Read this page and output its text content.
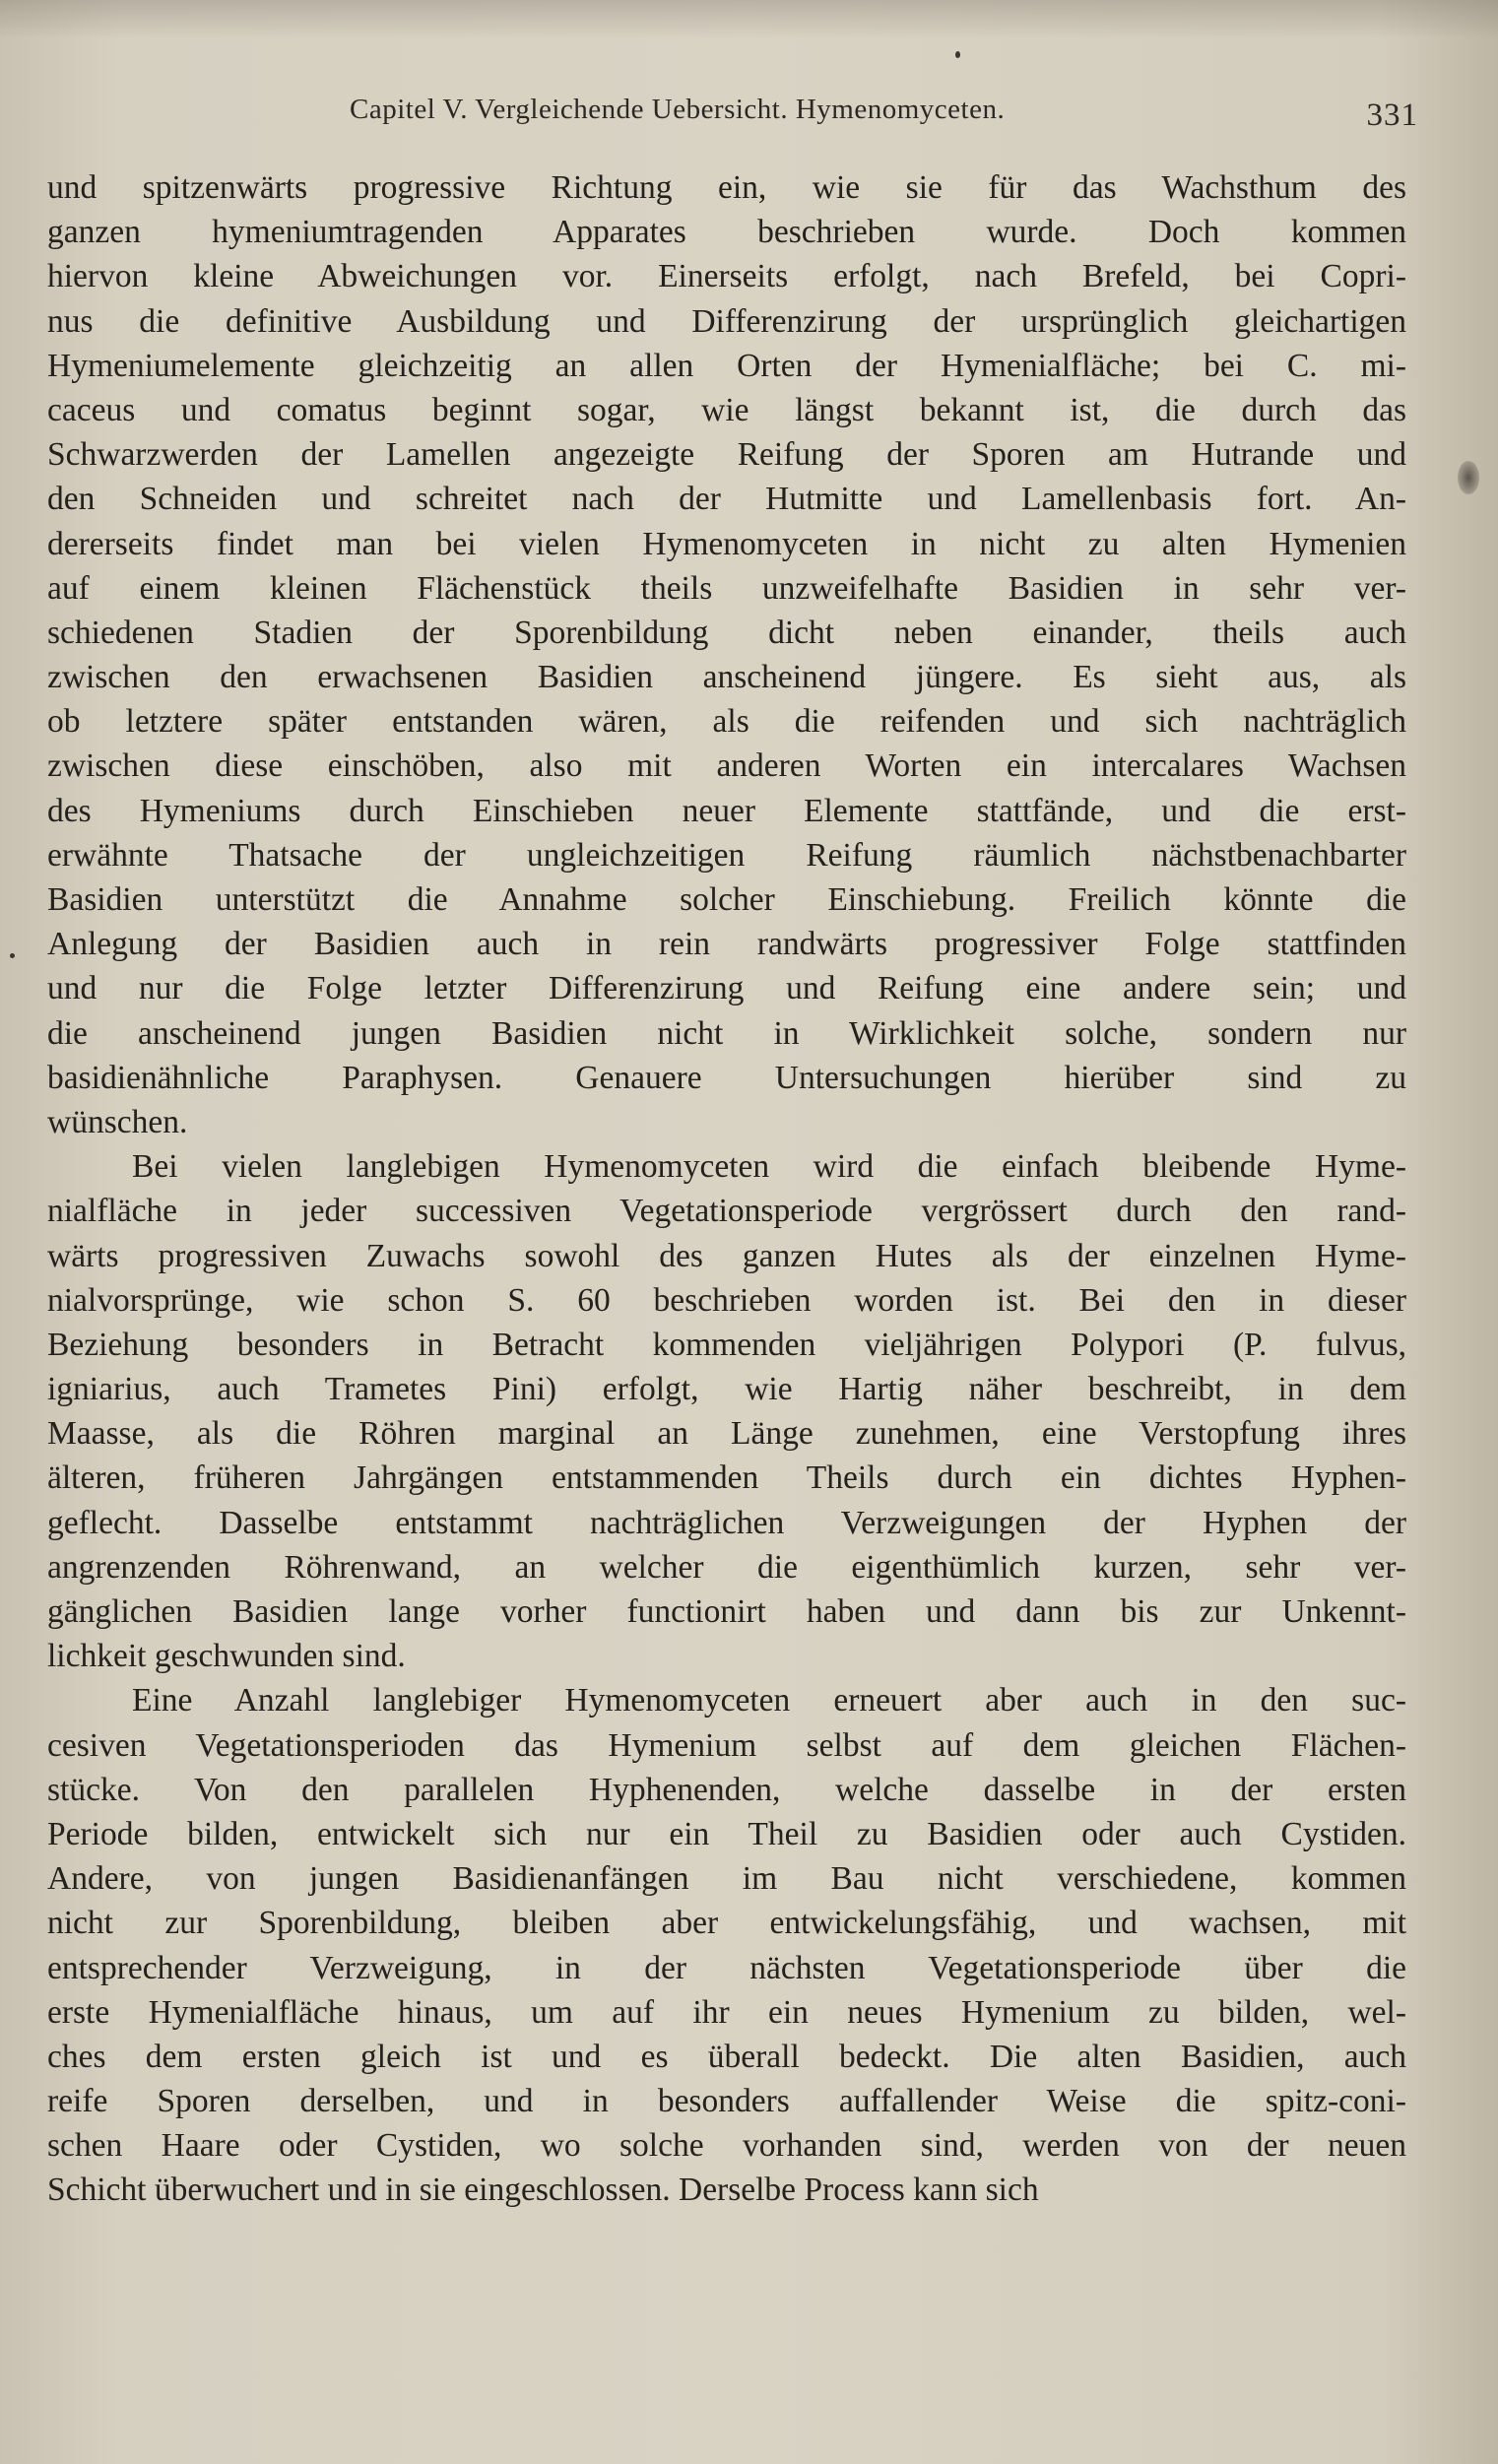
Capitel V. Vergleichende Uebersicht. Hymenomyceten.	331

und spitzenwärts progressive Richtung ein, wie sie für das Wachsthum des
ganzen hymeniumtragenden Apparates beschrieben wurde. Doch kommen
hiervon kleine Abweichungen vor. Einerseits erfolgt, nach Brefeld, bei Copri-
nus die definitive Ausbildung und Differenzirung der ursprünglich gleichartigen
Hymeniumelemente gleichzeitig an allen Orten der Hymenialfläche; bei C. mi-
caceus und comatus beginnt sogar, wie längst bekannt ist, die durch das
Schwarzwerden der Lamellen angezeigte Reifung der Sporen am Hutrande und
den Schneiden und schreitet nach der Hutmitte und Lamellenbasis fort. An-
dererseits findet man bei vielen Hymenomyceten in nicht zu alten Hymenien
auf einem kleinen Flächenstück theils unzweifelhafte Basidien in sehr ver-
schiedenen Stadien der Sporenbildung dicht neben einander, theils auch
zwischen den erwachsenen Basidien anscheinend jüngere. Es sieht aus, als
ob letztere später entstanden wären, als die reifenden und sich nachträglich
zwischen diese einschöben, also mit anderen Worten ein intercalares Wachsen
des Hymeniums durch Einschieben neuer Elemente stattfände, und die erst-
erwähnte Thatsache der ungleichzeitigen Reifung räumlich nächstbenachbarter
Basidien unterstützt die Annahme solcher Einschiebung. Freilich könnte die
Anlegung der Basidien auch in rein randwärts progressiver Folge stattfinden
und nur die Folge letzter Differenzirung und Reifung eine andere sein; und
die anscheinend jungen Basidien nicht in Wirklichkeit solche, sondern nur
basidienähnliche Paraphysen. Genauere Untersuchungen hierüber sind zu
wünschen.

Bei vielen langlebigen Hymenomyceten wird die einfach bleibende Hyme-
nialfläche in jeder successiven Vegetationsperiode vergrössert durch den rand-
wärts progressiven Zuwachs sowohl des ganzen Hutes als der einzelnen Hyme-
nialvorsprünge, wie schon S. 60 beschrieben worden ist. Bei den in dieser
Beziehung besonders in Betracht kommenden vieljährigen Polypori (P. fulvus,
igniarius, auch Trametes Pini) erfolgt, wie Hartig näher beschreibt, in dem
Maasse, als die Röhren marginal an Länge zunehmen, eine Verstopfung ihres
älteren, früheren Jahrgängen entstammenden Theils durch ein dichtes Hyphen-
geflecht. Dasselbe entstammt nachträglichen Verzweigungen der Hyphen der
angrenzenden Röhrenwand, an welcher die eigenthümlich kurzen, sehr ver-
gänglichen Basidien lange vorher functionirt haben und dann bis zur Unkennt-
lichkeit geschwunden sind.

Eine Anzahl langlebiger Hymenomyceten erneuert aber auch in den suc-
cesiven Vegetationsperioden das Hymenium selbst auf dem gleichen Flächen-
stücke. Von den parallelen Hyphenenden, welche dasselbe in der ersten
Periode bilden, entwickelt sich nur ein Theil zu Basidien oder auch Cystiden.
Andere, von jungen Basidienanfängen im Bau nicht verschiedene, kommen
nicht zur Sporenbildung, bleiben aber entwickelungsfähig, und wachsen, mit
entsprechender Verzweigung, in der nächsten Vegetationsperiode über die
erste Hymenialfläche hinaus, um auf ihr ein neues Hymenium zu bilden, wel-
ches dem ersten gleich ist und es überall bedeckt. Die alten Basidien, auch
reife Sporen derselben, und in besonders auffallender Weise die spitz-coni-
schen Haare oder Cystiden, wo solche vorhanden sind, werden von der neuen
Schicht überwuchert und in sie eingeschlossen. Derselbe Process kann sich
